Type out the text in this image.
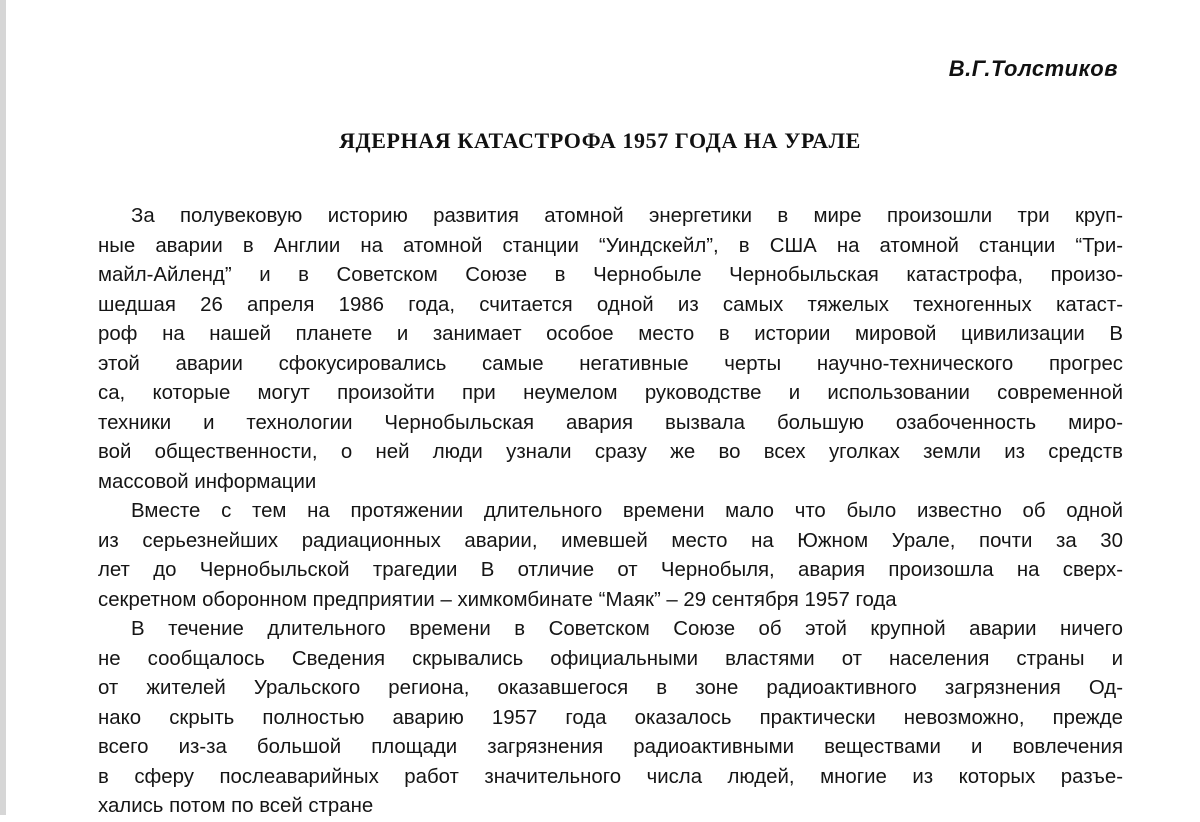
В.Г.Толстиков
ЯДЕРНАЯ КАТАСТРОФА 1957 ГОДА НА УРАЛЕ
За полувековую историю развития атомной энергетики в мире произошли три круп-
ные аварии в Англии на атомной станции “Уиндскейл”, в США на атомной станции “Три-
майл-Айленд” и в Советском Союзе в Чернобыле Чернобыльская катастрофа, произо-
шедшая 26 апреля 1986 года, считается одной из самых тяжелых техногенных катаст-
роф на нашей планете и занимает особое место в истории мировой цивилизации В
этой аварии сфокусировались самые негативные черты научно-технического прогрес
са, которые могут произойти при неумелом руководстве и использовании современной
техники и технологии Чернобыльская авария вызвала большую озабоченность миро-
вой общественности, о ней люди узнали сразу же во всех уголках земли из средств
массовой информации
Вместе с тем на протяжении длительного времени мало что было известно об одной
из серьезнейших радиационных аварии, имевшей место на Южном Урале, почти за 30
лет до Чернобыльской трагедии В отличие от Чернобыля, авария произошла на сверх-
секретном оборонном предприятии – химкомбинате “Маяк” – 29 сентября 1957 года
В течение длительного времени в Советском Союзе об этой крупной аварии ничего
не сообщалось Сведения скрывались официальными властями от населения страны и
от жителей Уральского региона, оказавшегося в зоне радиоактивного загрязнения Од-
нако скрыть полностью аварию 1957 года оказалось практически невозможно, прежде
всего из-за большой площади загрязнения радиоактивными веществами и вовлечения
в сферу послеаварийных работ значительного числа людей, многие из которых разъе-
хались потом по всей стране
